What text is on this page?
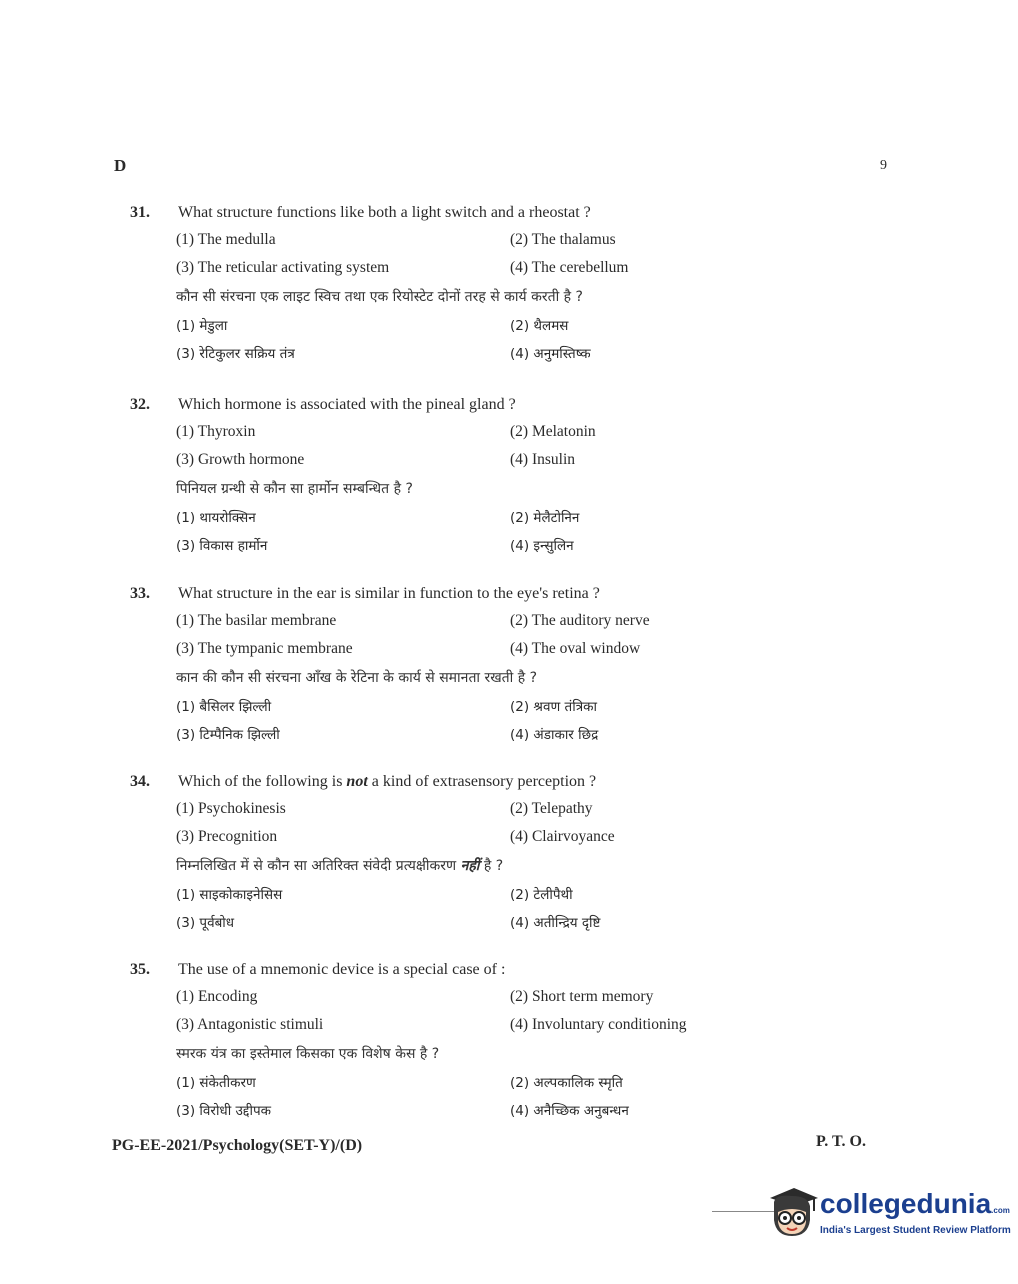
D	9
31.	What structure functions like both a light switch and a rheostat ?
(1) The medulla	(2) The thalamus
(3) The reticular activating system	(4) The cerebellum
कौन सी संरचना एक लाइट स्विच तथा एक रियोस्टेट दोनों तरह से कार्य करती है ?
(1) मेडुला	(2) थैलमस
(3) रेटिकुलर सक्रिय तंत्र	(4) अनुमस्तिष्क
32.	Which hormone is associated with the pineal gland ?
(1) Thyroxin	(2) Melatonin
(3) Growth hormone	(4) Insulin
पिनियल ग्रन्थी से कौन सा हार्मोन सम्बन्धित है ?
(1) थायरोक्सिन	(2) मेलैटोनिन
(3) विकास हार्मोन	(4) इन्सुलिन
33.	What structure in the ear is similar in function to the eye's retina ?
(1) The basilar membrane	(2) The auditory nerve
(3) The tympanic membrane	(4) The oval window
कान की कौन सी संरचना आँख के रेटिना के कार्य से समानता रखती है ?
(1) बैसिलर झिल्ली	(2) श्रवण तंत्रिका
(3) टिम्पैनिक झिल्ली	(4) अंडाकार छिद्र
34.	Which of the following is not a kind of extrasensory perception ?
(1) Psychokinesis	(2) Telepathy
(3) Precognition	(4) Clairvoyance
निम्नलिखित में से कौन सा अतिरिक्त संवेदी प्रत्यक्षीकरण नहीं है ?
(1) साइकोकाइनेसिस	(2) टेलीपैथी
(3) पूर्वबोध	(4) अतीन्द्रिय दृष्टि
35.	The use of a mnemonic device is a special case of :
(1) Encoding	(2) Short term memory
(3) Antagonistic stimuli	(4) Involuntary conditioning
स्मरक यंत्र का इस्तेमाल किसका एक विशेष केस है ?
(1) संकेतीकरण	(2) अल्पकालिक स्मृति
(3) विरोधी उद्दीपक	(4) अनैच्छिक अनुबन्धन
PG-EE-2021/Psychology(SET-Y)/(D)	P. T. O.
collegedunia.com
India's Largest Student Review Platform
